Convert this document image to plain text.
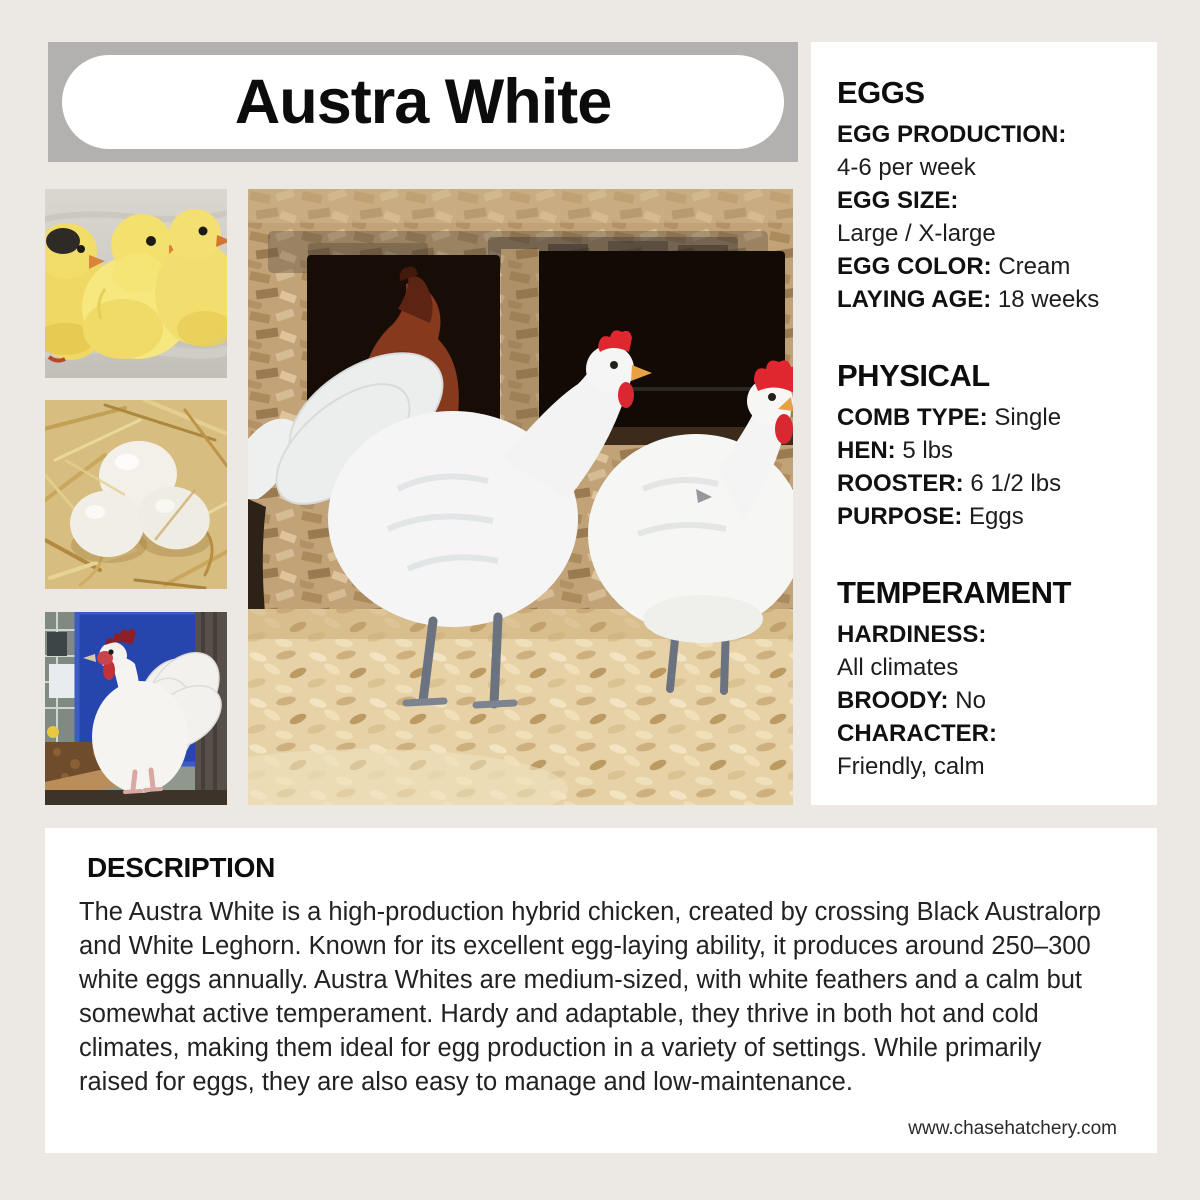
Austra White	EGGS
EGG PRODUCTION:
4-6 per week
EGG SIZE:
Large / X-large
EGG COLOR: Cream
LAYING AGE: 18 weeks
PHYSICAL
COMB TYPE: Single
HEN: 5 lbs
ROOSTER: 6 1/2 lbs
PURPOSE: Eggs
TEMPERAMENT
HARDINESS:
All climates
BROODY: No
CHARACTER:
Friendly, calm
DESCRIPTION

The Austra White is a high-production hybrid chicken, created by crossing Black Australorp and White Leghorn. Known for its excellent egg-laying ability, it produces around 250–300 white eggs annually. Austra Whites are medium-sized, with white feathers and a calm but somewhat active temperament. Hardy and adaptable, they thrive in both hot and cold climates, making them ideal for egg production in a variety of settings. While primarily raised for eggs, they are also easy to manage and low-maintenance.

www.chasehatchery.com
